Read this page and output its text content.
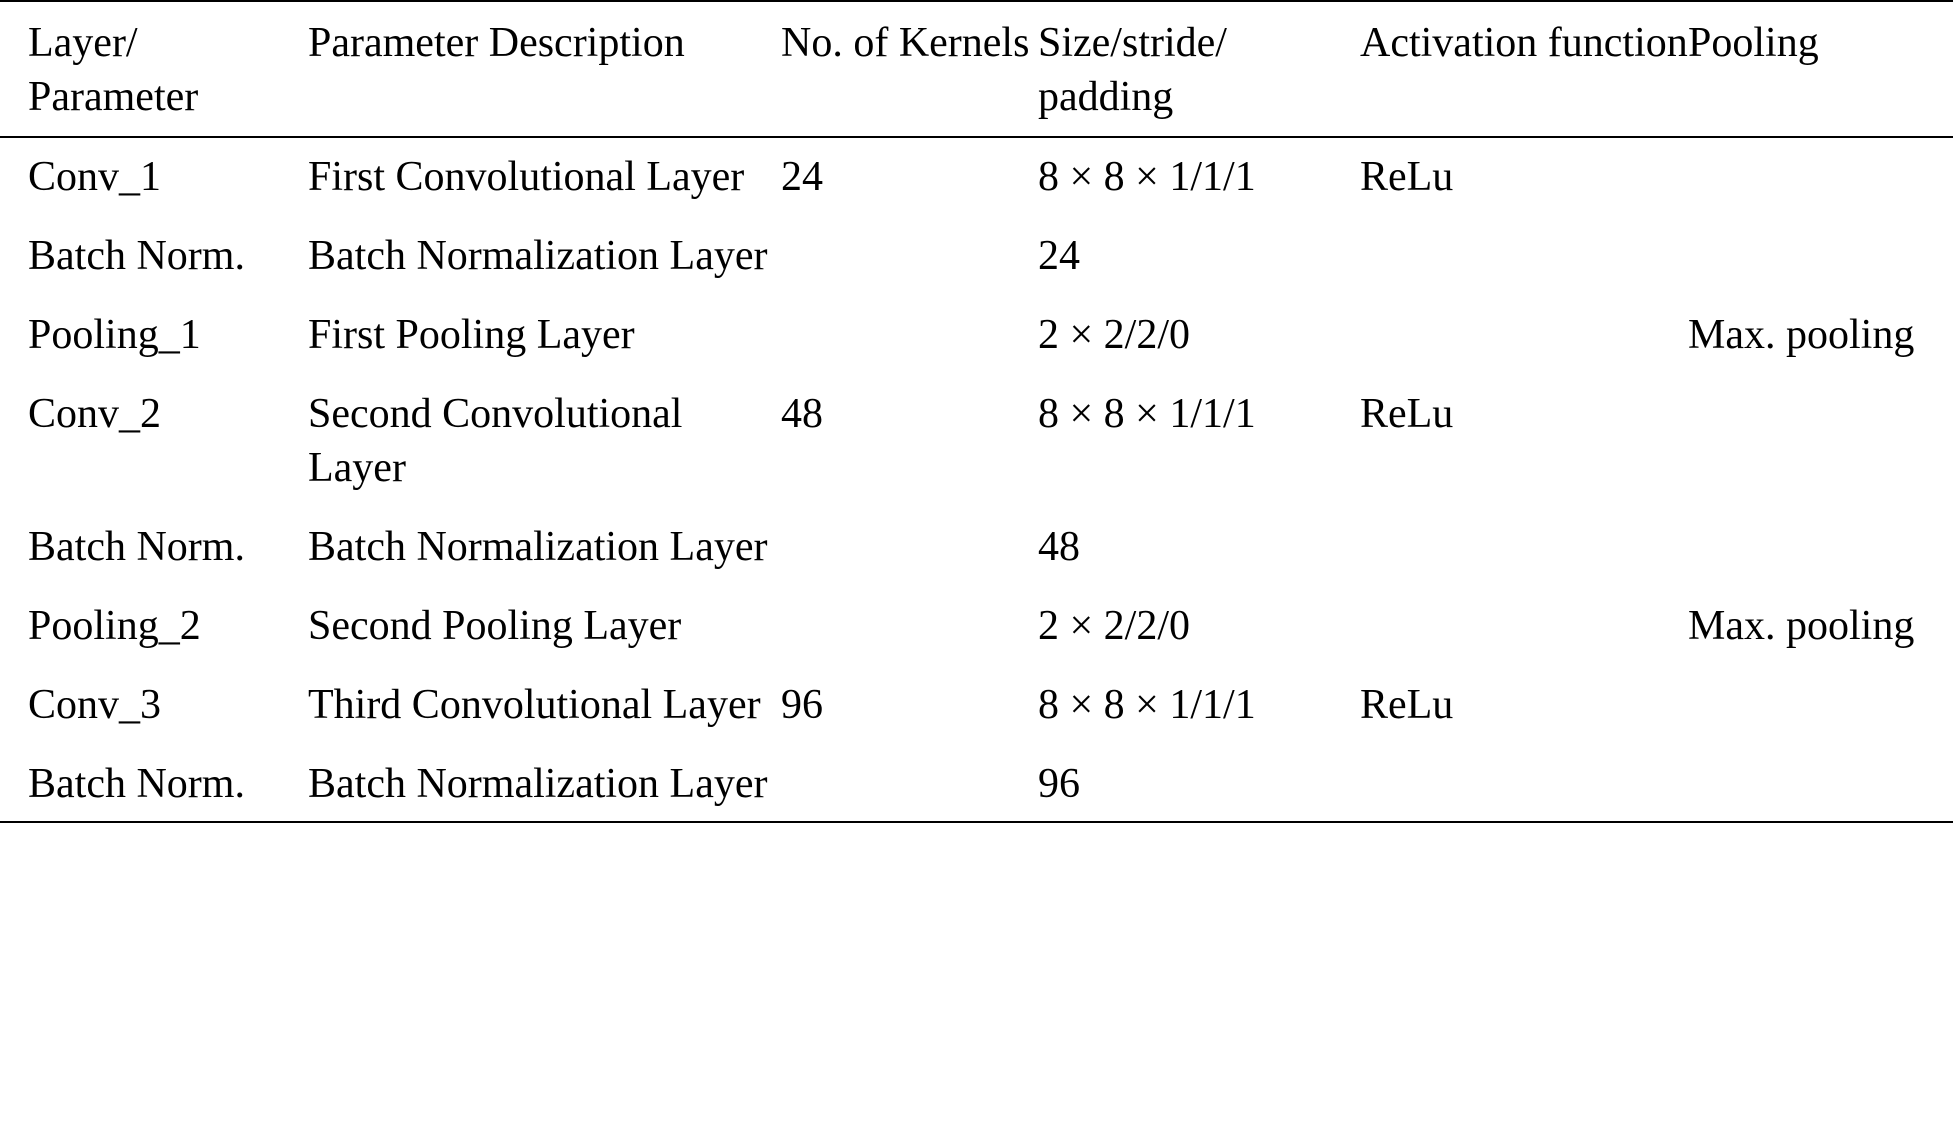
Layer/ Parameter	Parameter Description	No. of Kernels	Size/stride/ padding	Activation function	Pooling
Conv_1	First Convolutional Layer	24	8 × 8 × 1/1/1	ReLu	
Batch Norm.	Batch Normalization Layer		24		
Pooling_1	First Pooling Layer		2 × 2/2/0		Max. pooling
Conv_2	Second Convolutional Layer	48	8 × 8 × 1/1/1	ReLu	
Batch Norm.	Batch Normalization Layer		48		
Pooling_2	Second Pooling Layer		2 × 2/2/0		Max. pooling
Conv_3	Third Convolutional Layer	96	8 × 8 × 1/1/1	ReLu	
Batch Norm.	Batch Normalization Layer		96		
